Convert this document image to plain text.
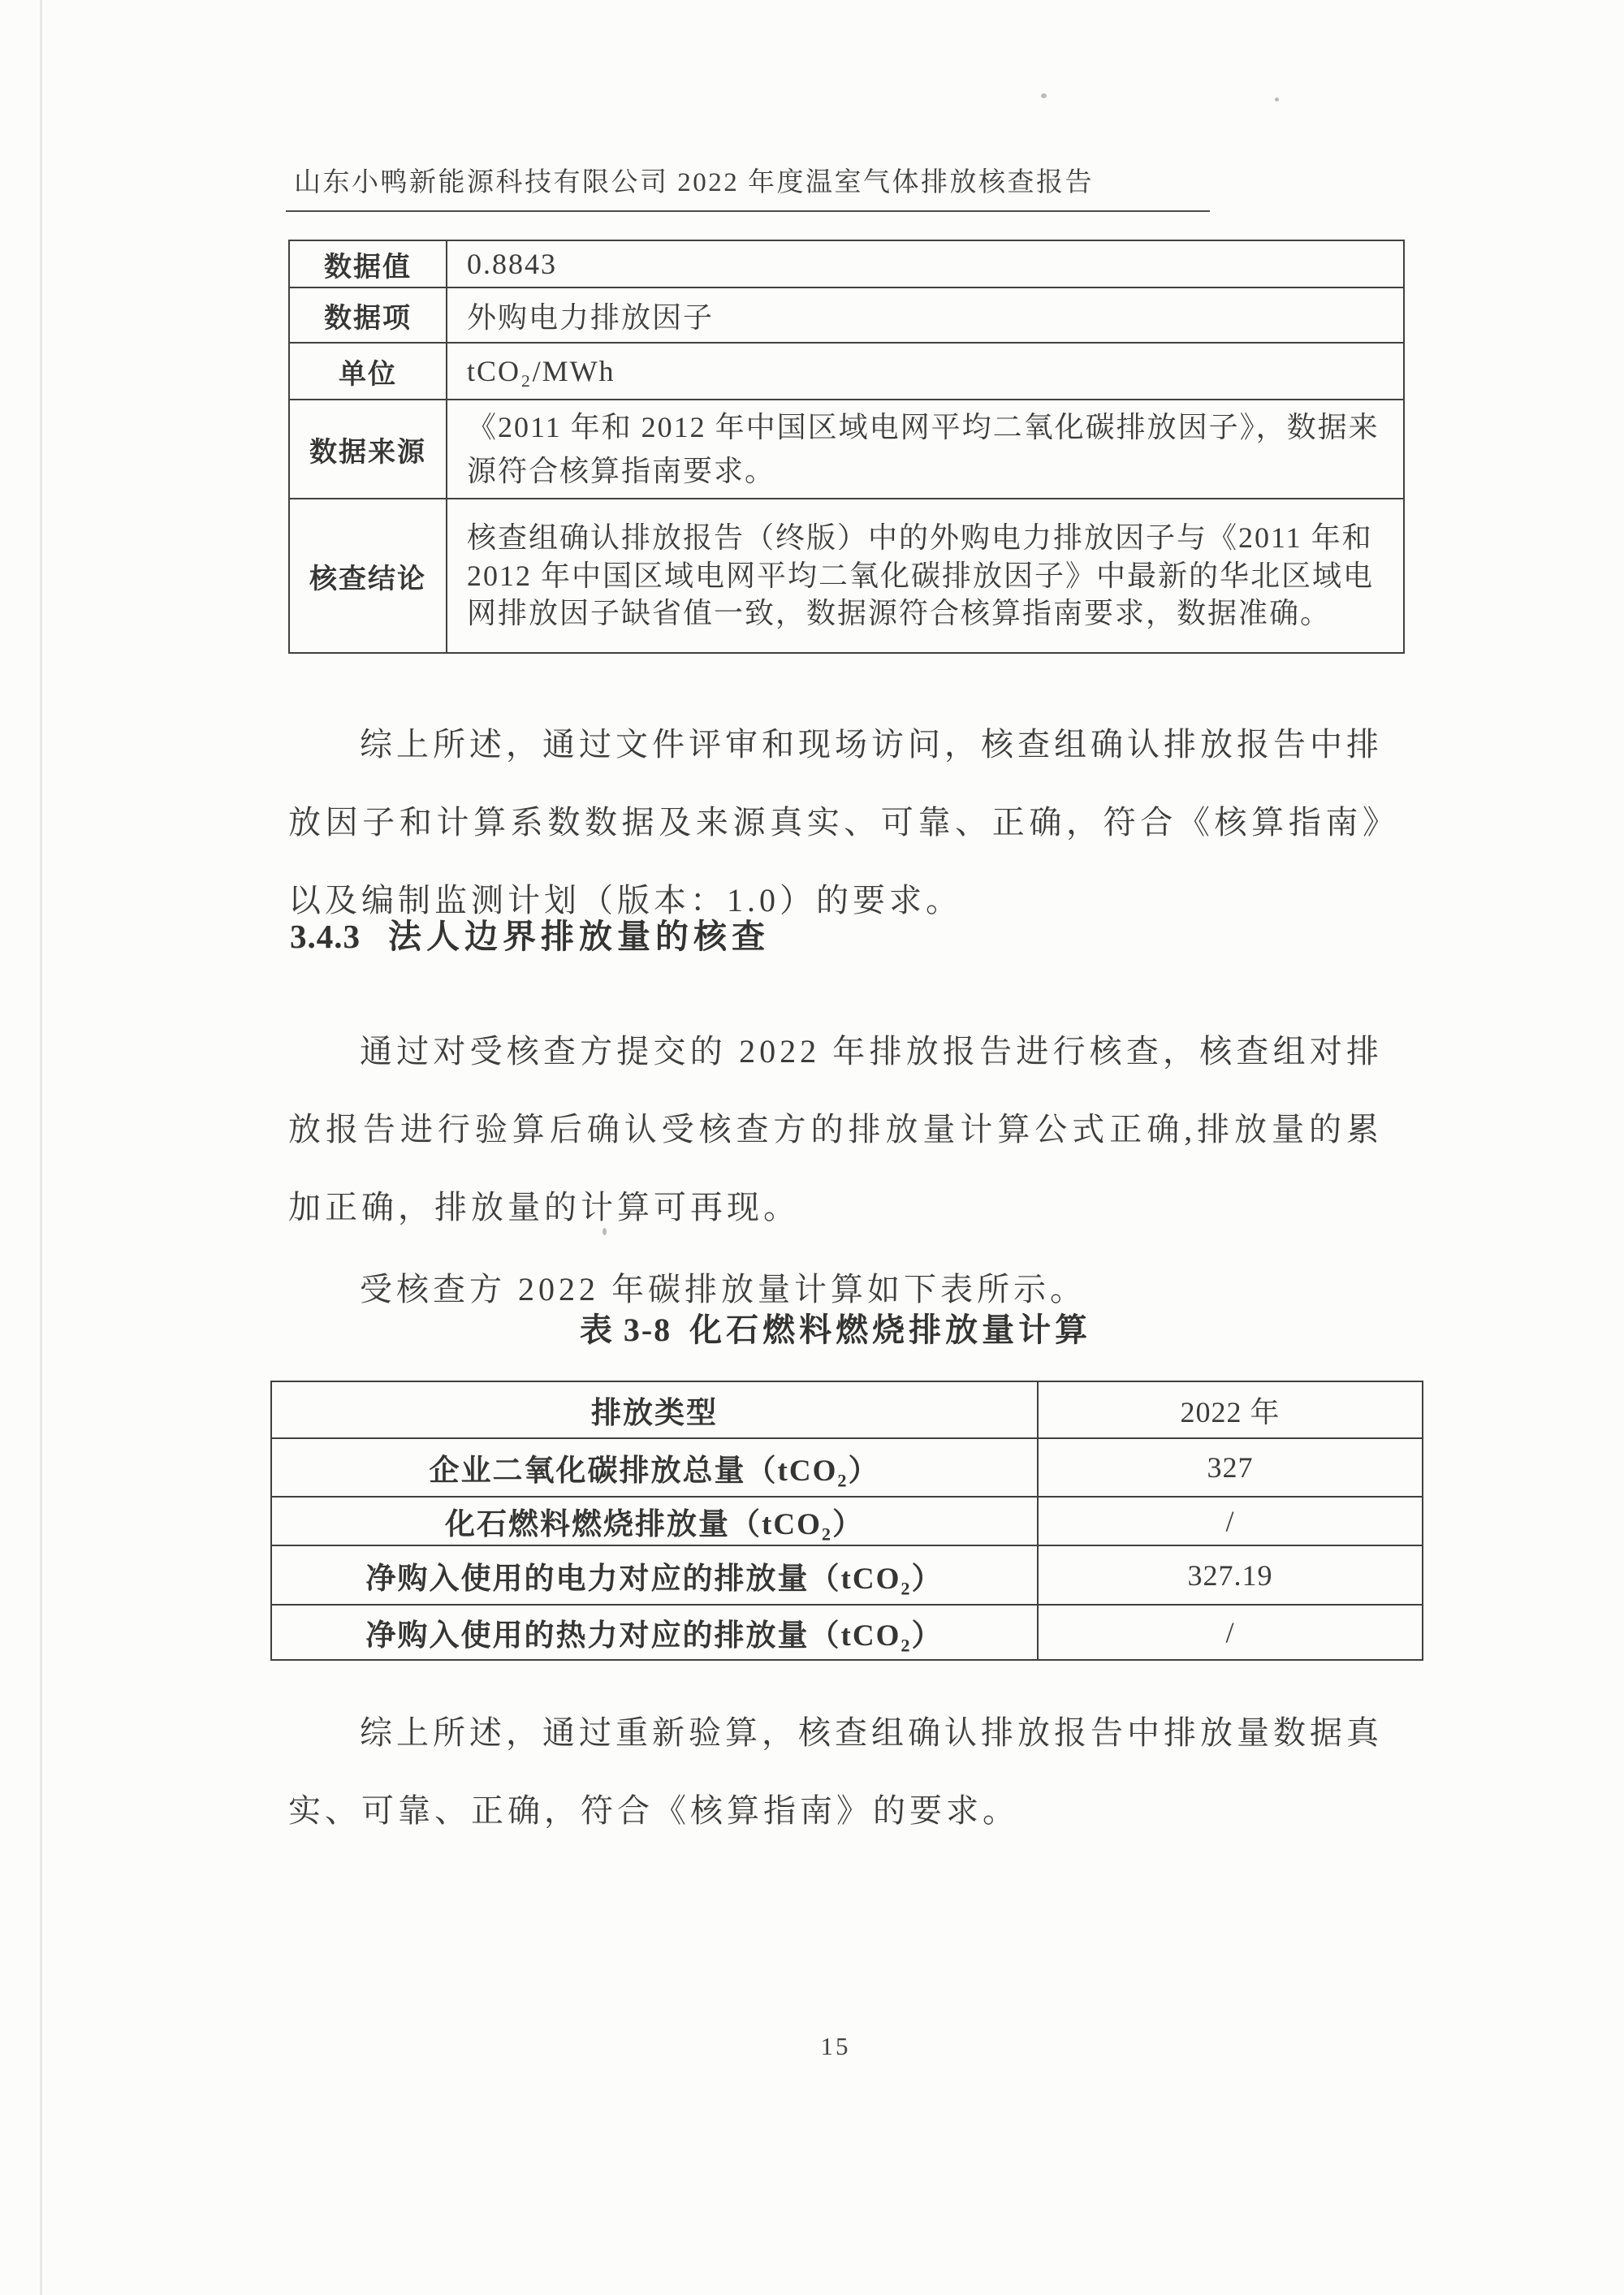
山东小鸭新能源科技有限公司 2022 年度温室气体排放核查报告
数据值	0.8843
数据项	外购电力排放因子
单位	tCO₂/MWh
数据来源	《2011 年和 2012 年中国区域电网平均二氧化碳排放因子》，数据来源符合核算指南要求。
核查结论	核查组确认排放报告（终版）中的外购电力排放因子与《2011 年和 2012 年中国区域电网平均二氧化碳排放因子》中最新的华北区域电网排放因子缺省值一致，数据源符合核算指南要求，数据准确。

综上所述，通过文件评审和现场访问，核查组确认排放报告中排放因子和计算系数数据及来源真实、可靠、正确，符合《核算指南》以及编制监测计划（版本：1.0）的要求。

3.4.3 法人边界排放量的核查

通过对受核查方提交的 2022 年排放报告进行核查，核查组对排放报告进行验算后确认受核查方的排放量计算公式正确,排放量的累加正确，排放量的计算可再现。

受核查方 2022 年碳排放量计算如下表所示。

表 3-8 化石燃料燃烧排放量计算
排放类型	2022 年
企业二氧化碳排放总量（tCO₂）	327
化石燃料燃烧排放量（tCO₂）	/
净购入使用的电力对应的排放量（tCO₂）	327.19
净购入使用的热力对应的排放量（tCO₂）	/

综上所述，通过重新验算，核查组确认排放报告中排放量数据真实、可靠、正确，符合《核算指南》的要求。

15
